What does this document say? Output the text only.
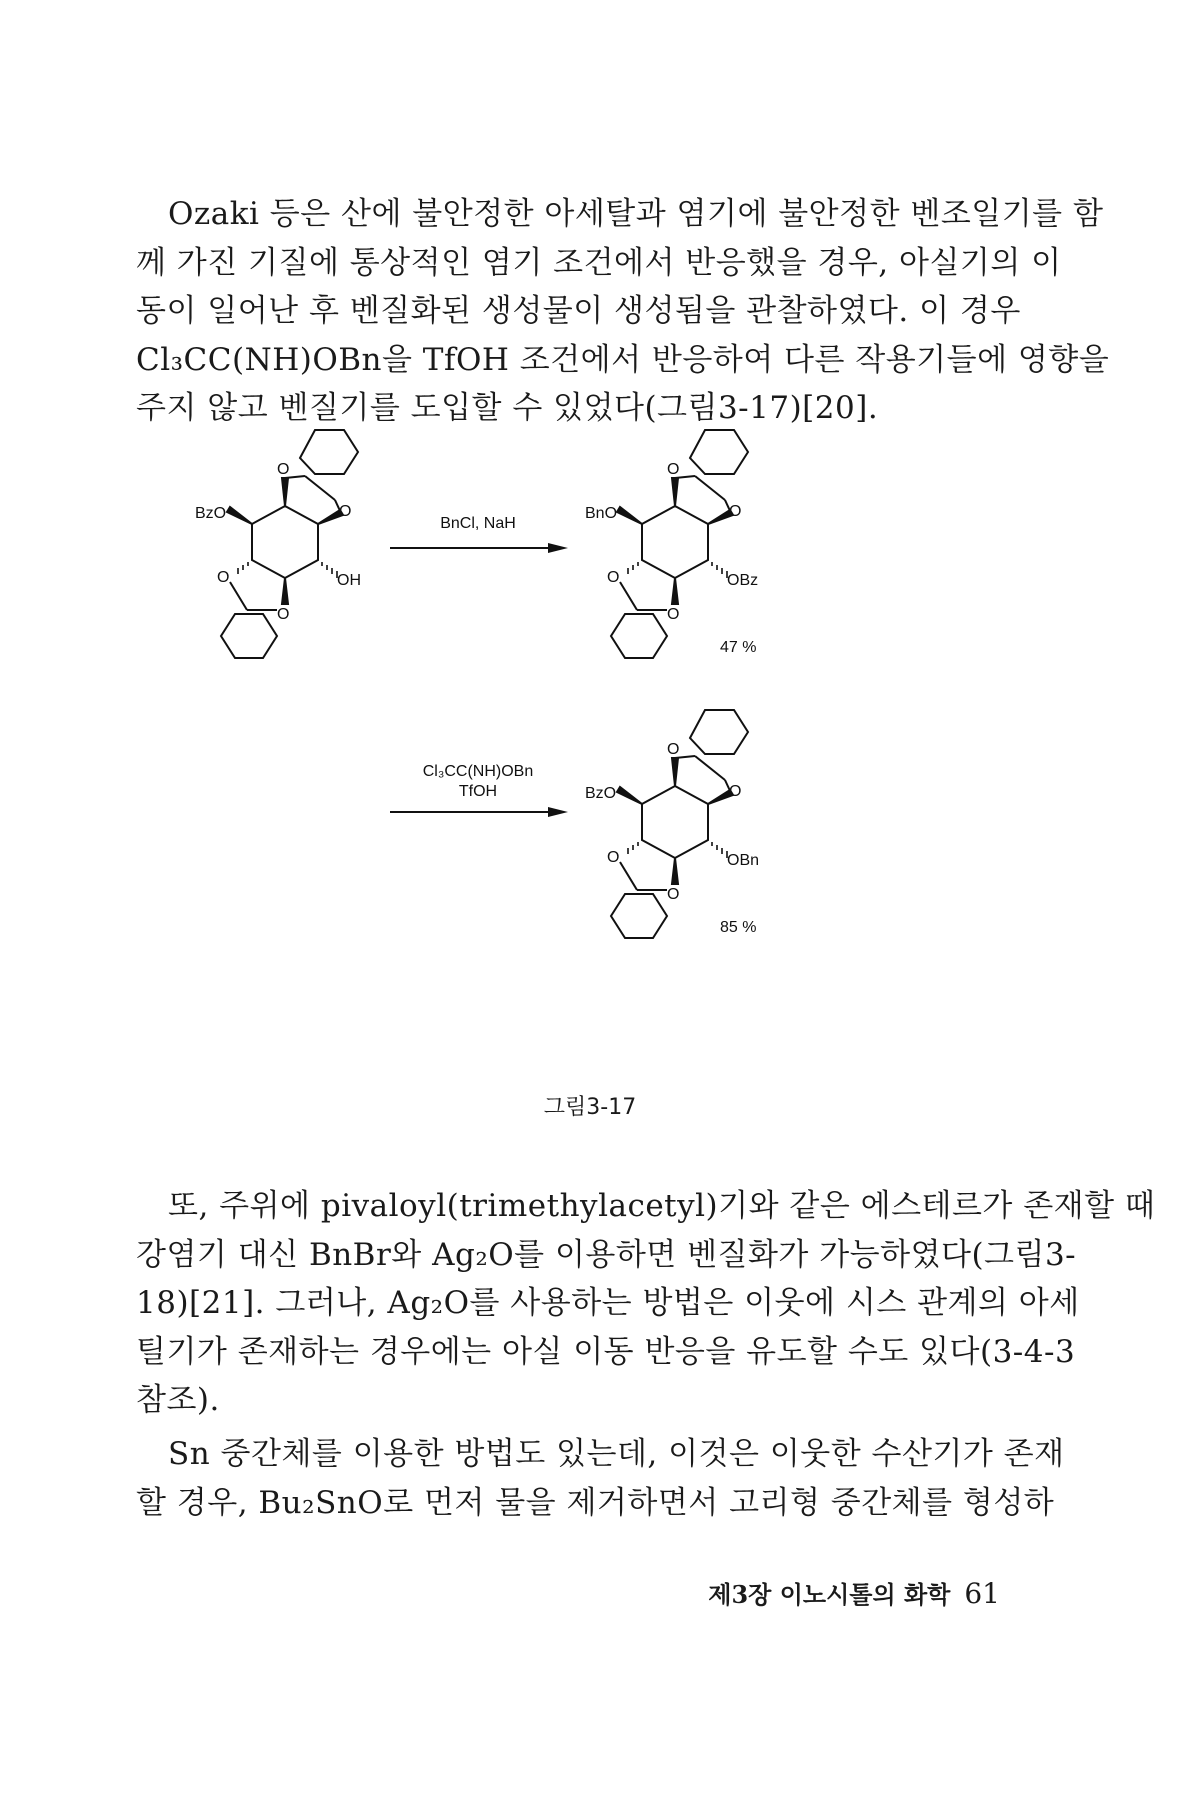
Ozaki 등은 산에 불안정한 아세탈과 염기에 불안정한 벤조일기를 함
께 가진 기질에 통상적인 염기 조건에서 반응했을 경우, 아실기의 이
동이 일어난 후 벤질화된 생성물이 생성됨을 관찰하였다. 이 경우
Cl₃CC(NH)OBn을 TfOH 조건에서 반응하여 다른 작용기들에 영향을
주지 않고 벤질기를 도입할 수 있었다(그림3-17)[20].
BzO
OH
O
O
O
O
BnCl, NaH
BnO
OBz
O
O
O
O
47 %
Cl₃CC(NH)OBn
TfOH	BzO
OBn
O
O
O
O
85 %
그림3-17
또, 주위에 pivaloyl(trimethylacetyl)기와 같은 에스테르가 존재할 때
강염기 대신 BnBr와 Ag₂O를 이용하면 벤질화가 가능하였다(그림3-
18)[21]. 그러나, Ag₂O를 사용하는 방법은 이웃에 시스 관계의 아세
틸기가 존재하는 경우에는 아실 이동 반응을 유도할 수도 있다(3-4-3
참조).
Sn 중간체를 이용한 방법도 있는데, 이것은 이웃한 수산기가 존재
할 경우, Bu₂SnO로 먼저 물을 제거하면서 고리형 중간체를 형성하
제3장 이노시톨의 화학 61
